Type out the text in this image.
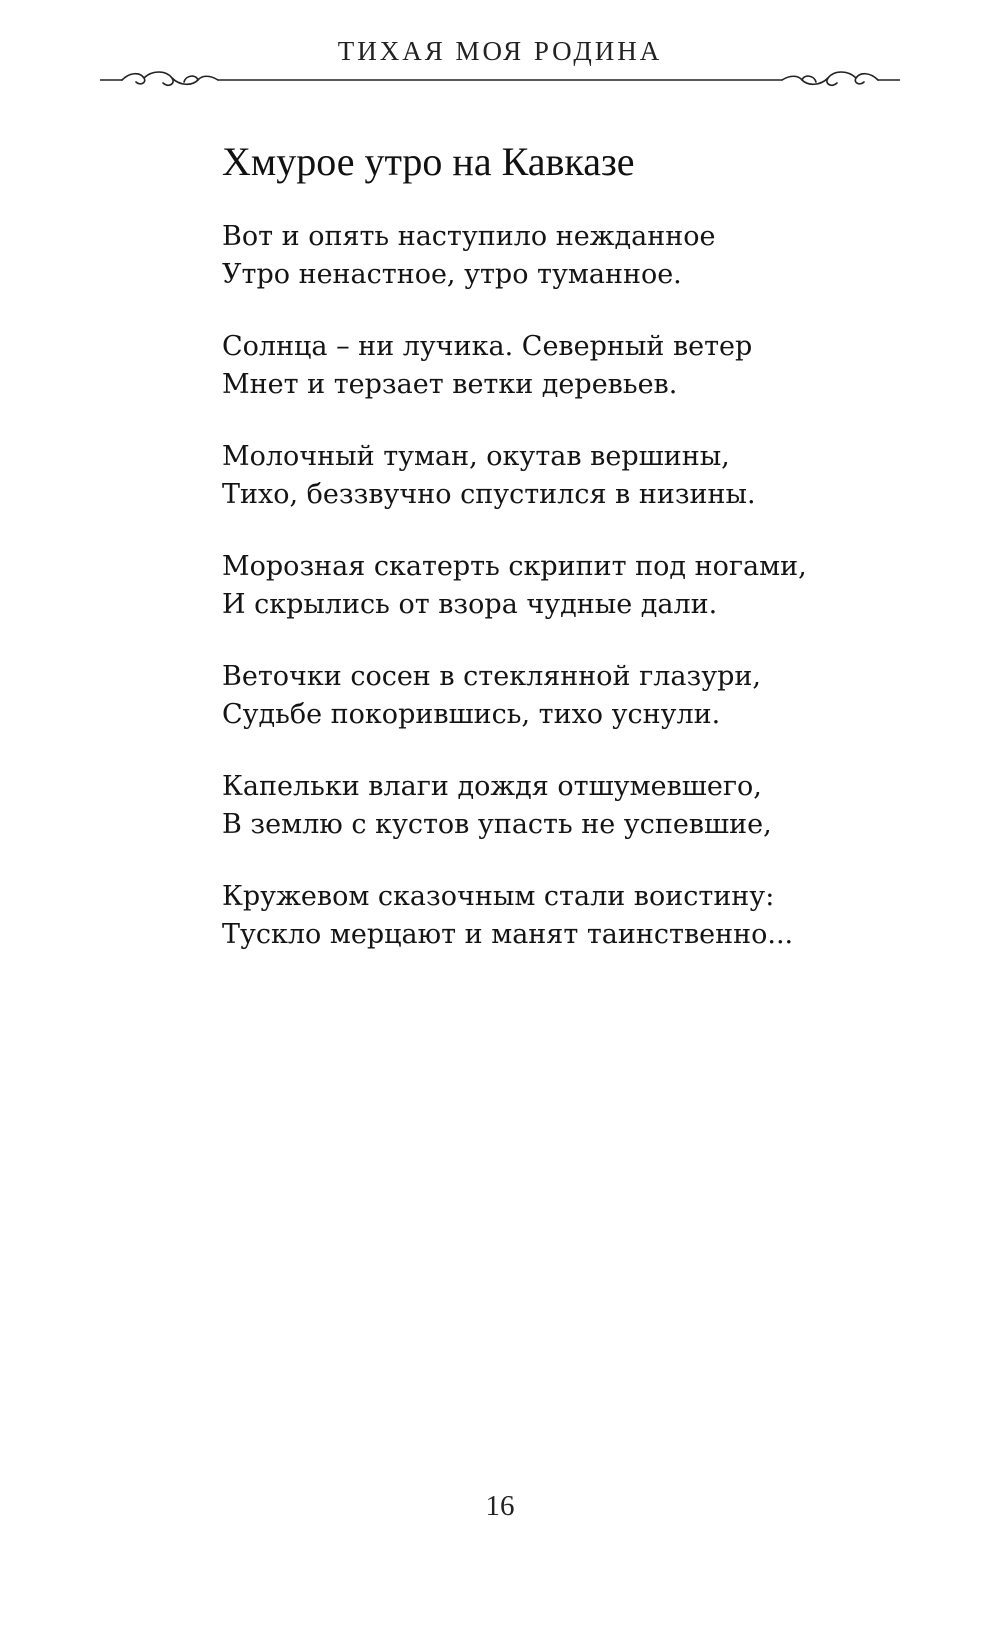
ТИХАЯ МОЯ РОДИНА
Хмурое утро на Кавказе

Вот и опять наступило нежданное
Утро ненастное, утро туманное.

Солнца – ни лучика. Северный ветер
Мнет и терзает ветки деревьев.

Молочный туман, окутав вершины,
Тихо, беззвучно спустился в низины.

Морозная скатерть скрипит под ногами,
И скрылись от взора чудные дали.

Веточки сосен в стеклянной глазури,
Судьбе покорившись, тихо уснули.

Капельки влаги дождя отшумевшего,
В землю с кустов упасть не успевшие,

Кружевом сказочным стали воистину:
Тускло мерцают и манят таинственно...

16
